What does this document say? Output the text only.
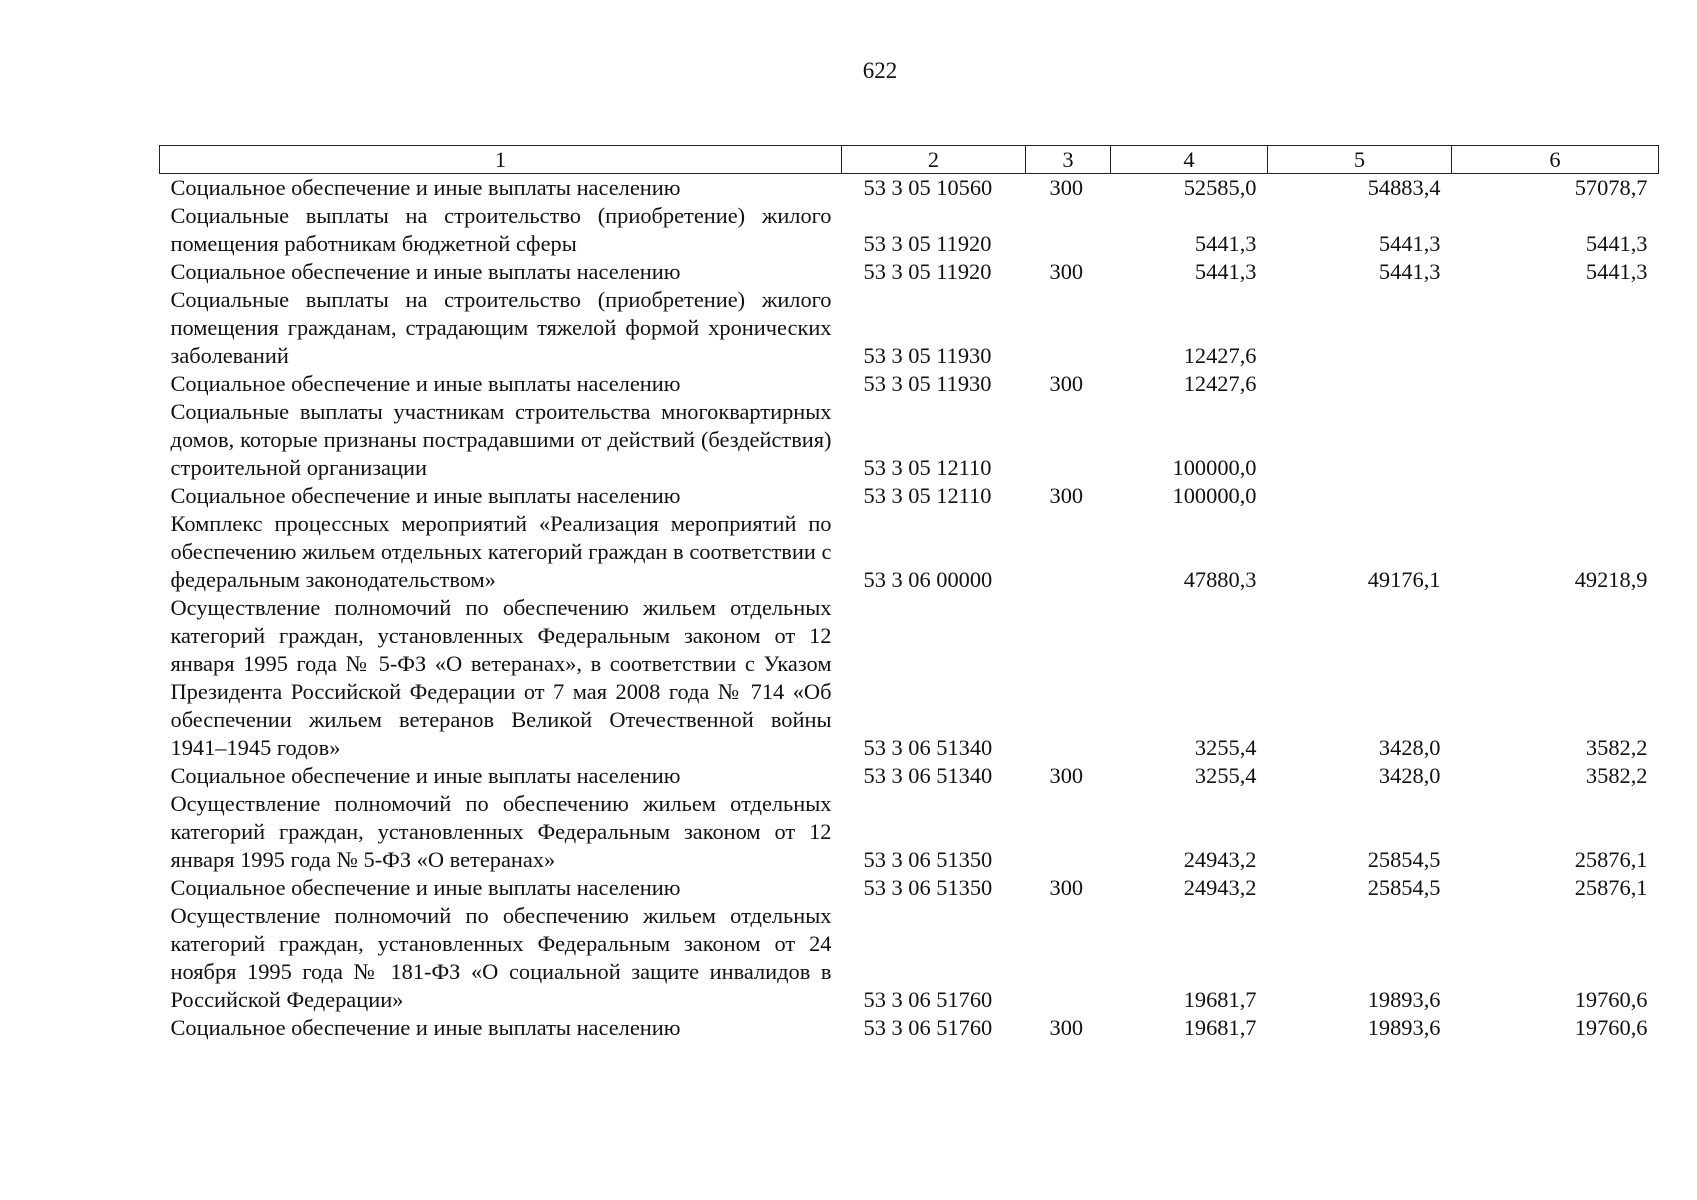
622
1	2	3	4	5	6
Социальное обеспечение и иные выплаты населению	53 3 05 10560	300	52585,0	54883,4	57078,7
Социальные выплаты на строительство (приобретение) жилого помещения работникам бюджетной сферы	53 3 05 11920		5441,3	5441,3	5441,3
Социальное обеспечение и иные выплаты населению	53 3 05 11920	300	5441,3	5441,3	5441,3
Социальные выплаты на строительство (приобретение) жилого помещения гражданам, страдающим тяжелой формой хронических заболеваний	53 3 05 11930		12427,6		
Социальное обеспечение и иные выплаты населению	53 3 05 11930	300	12427,6		
Социальные выплаты участникам строительства многоквартирных домов, которые признаны пострадавшими от действий (бездействия) строительной организации	53 3 05 12110		100000,0		
Социальное обеспечение и иные выплаты населению	53 3 05 12110	300	100000,0		
Комплекс процессных мероприятий «Реализация мероприятий по обеспечению жильем отдельных категорий граждан в соответствии с федеральным законодательством»	53 3 06 00000		47880,3	49176,1	49218,9
Осуществление полномочий по обеспечению жильем отдельных категорий граждан, установленных Федеральным законом от 12 января 1995 года № 5-ФЗ «О ветеранах», в соответствии с Указом Президента Российской Федерации от 7 мая 2008 года № 714 «Об обеспечении жильем ветеранов Великой Отечественной войны 1941–1945 годов»	53 3 06 51340		3255,4	3428,0	3582,2
Социальное обеспечение и иные выплаты населению	53 3 06 51340	300	3255,4	3428,0	3582,2
Осуществление полномочий по обеспечению жильем отдельных категорий граждан, установленных Федеральным законом от 12 января 1995 года № 5-ФЗ «О ветеранах»	53 3 06 51350		24943,2	25854,5	25876,1
Социальное обеспечение и иные выплаты населению	53 3 06 51350	300	24943,2	25854,5	25876,1
Осуществление полномочий по обеспечению жильем отдельных категорий граждан, установленных Федеральным законом от 24 ноября 1995 года № 181-ФЗ «О социальной защите инвалидов в Российской Федерации»	53 3 06 51760		19681,7	19893,6	19760,6
Социальное обеспечение и иные выплаты населению	53 3 06 51760	300	19681,7	19893,6	19760,6
